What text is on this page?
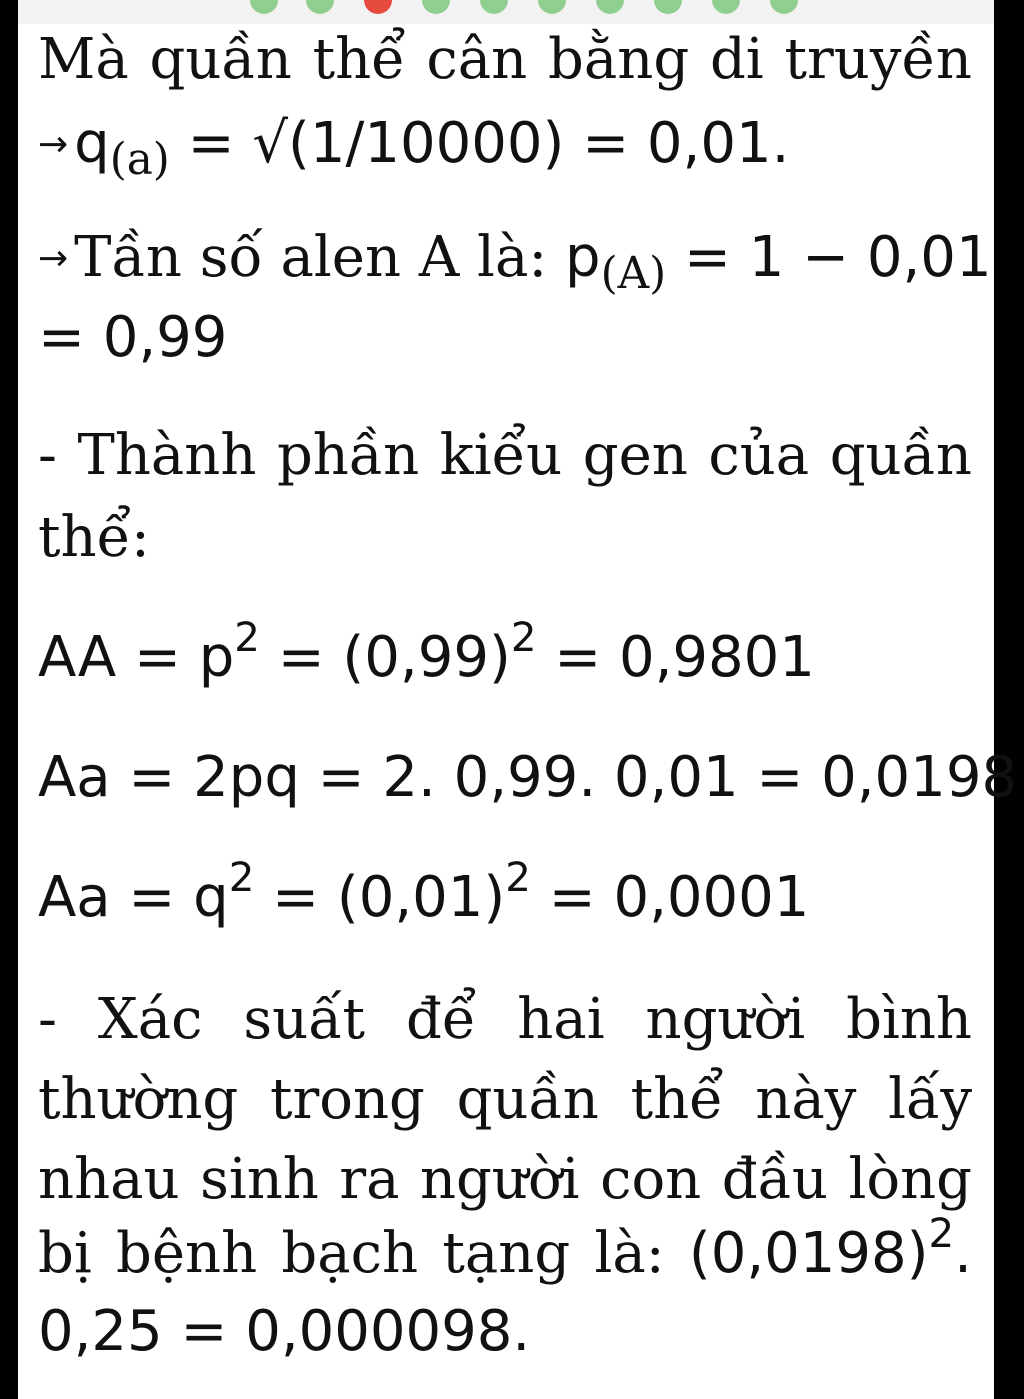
Mà quần thể cân bằng di truyền
→ $q_{(a)} = √(1/10000) = 0,01$.
→ Tần số alen A là: $p_{(A)} = 1 - 0,01$
= 0,99
- Thành phần kiểu gen của quần
thể:
AA = $p^2 = (0,99)^2 = 0,9801$
Aa = 2pq = 2. 0,99. 0,01 = 0,0198
$Aa = q^2 = (0,01)^2 = 0,0001$
- Xác suất để hai người bình
thường trong quần thể này lấy
nhau sinh ra người con đầu lòng
bị bệnh bạch tạng là: $(0,0198)^2$.
0,25 = 0,000098.
